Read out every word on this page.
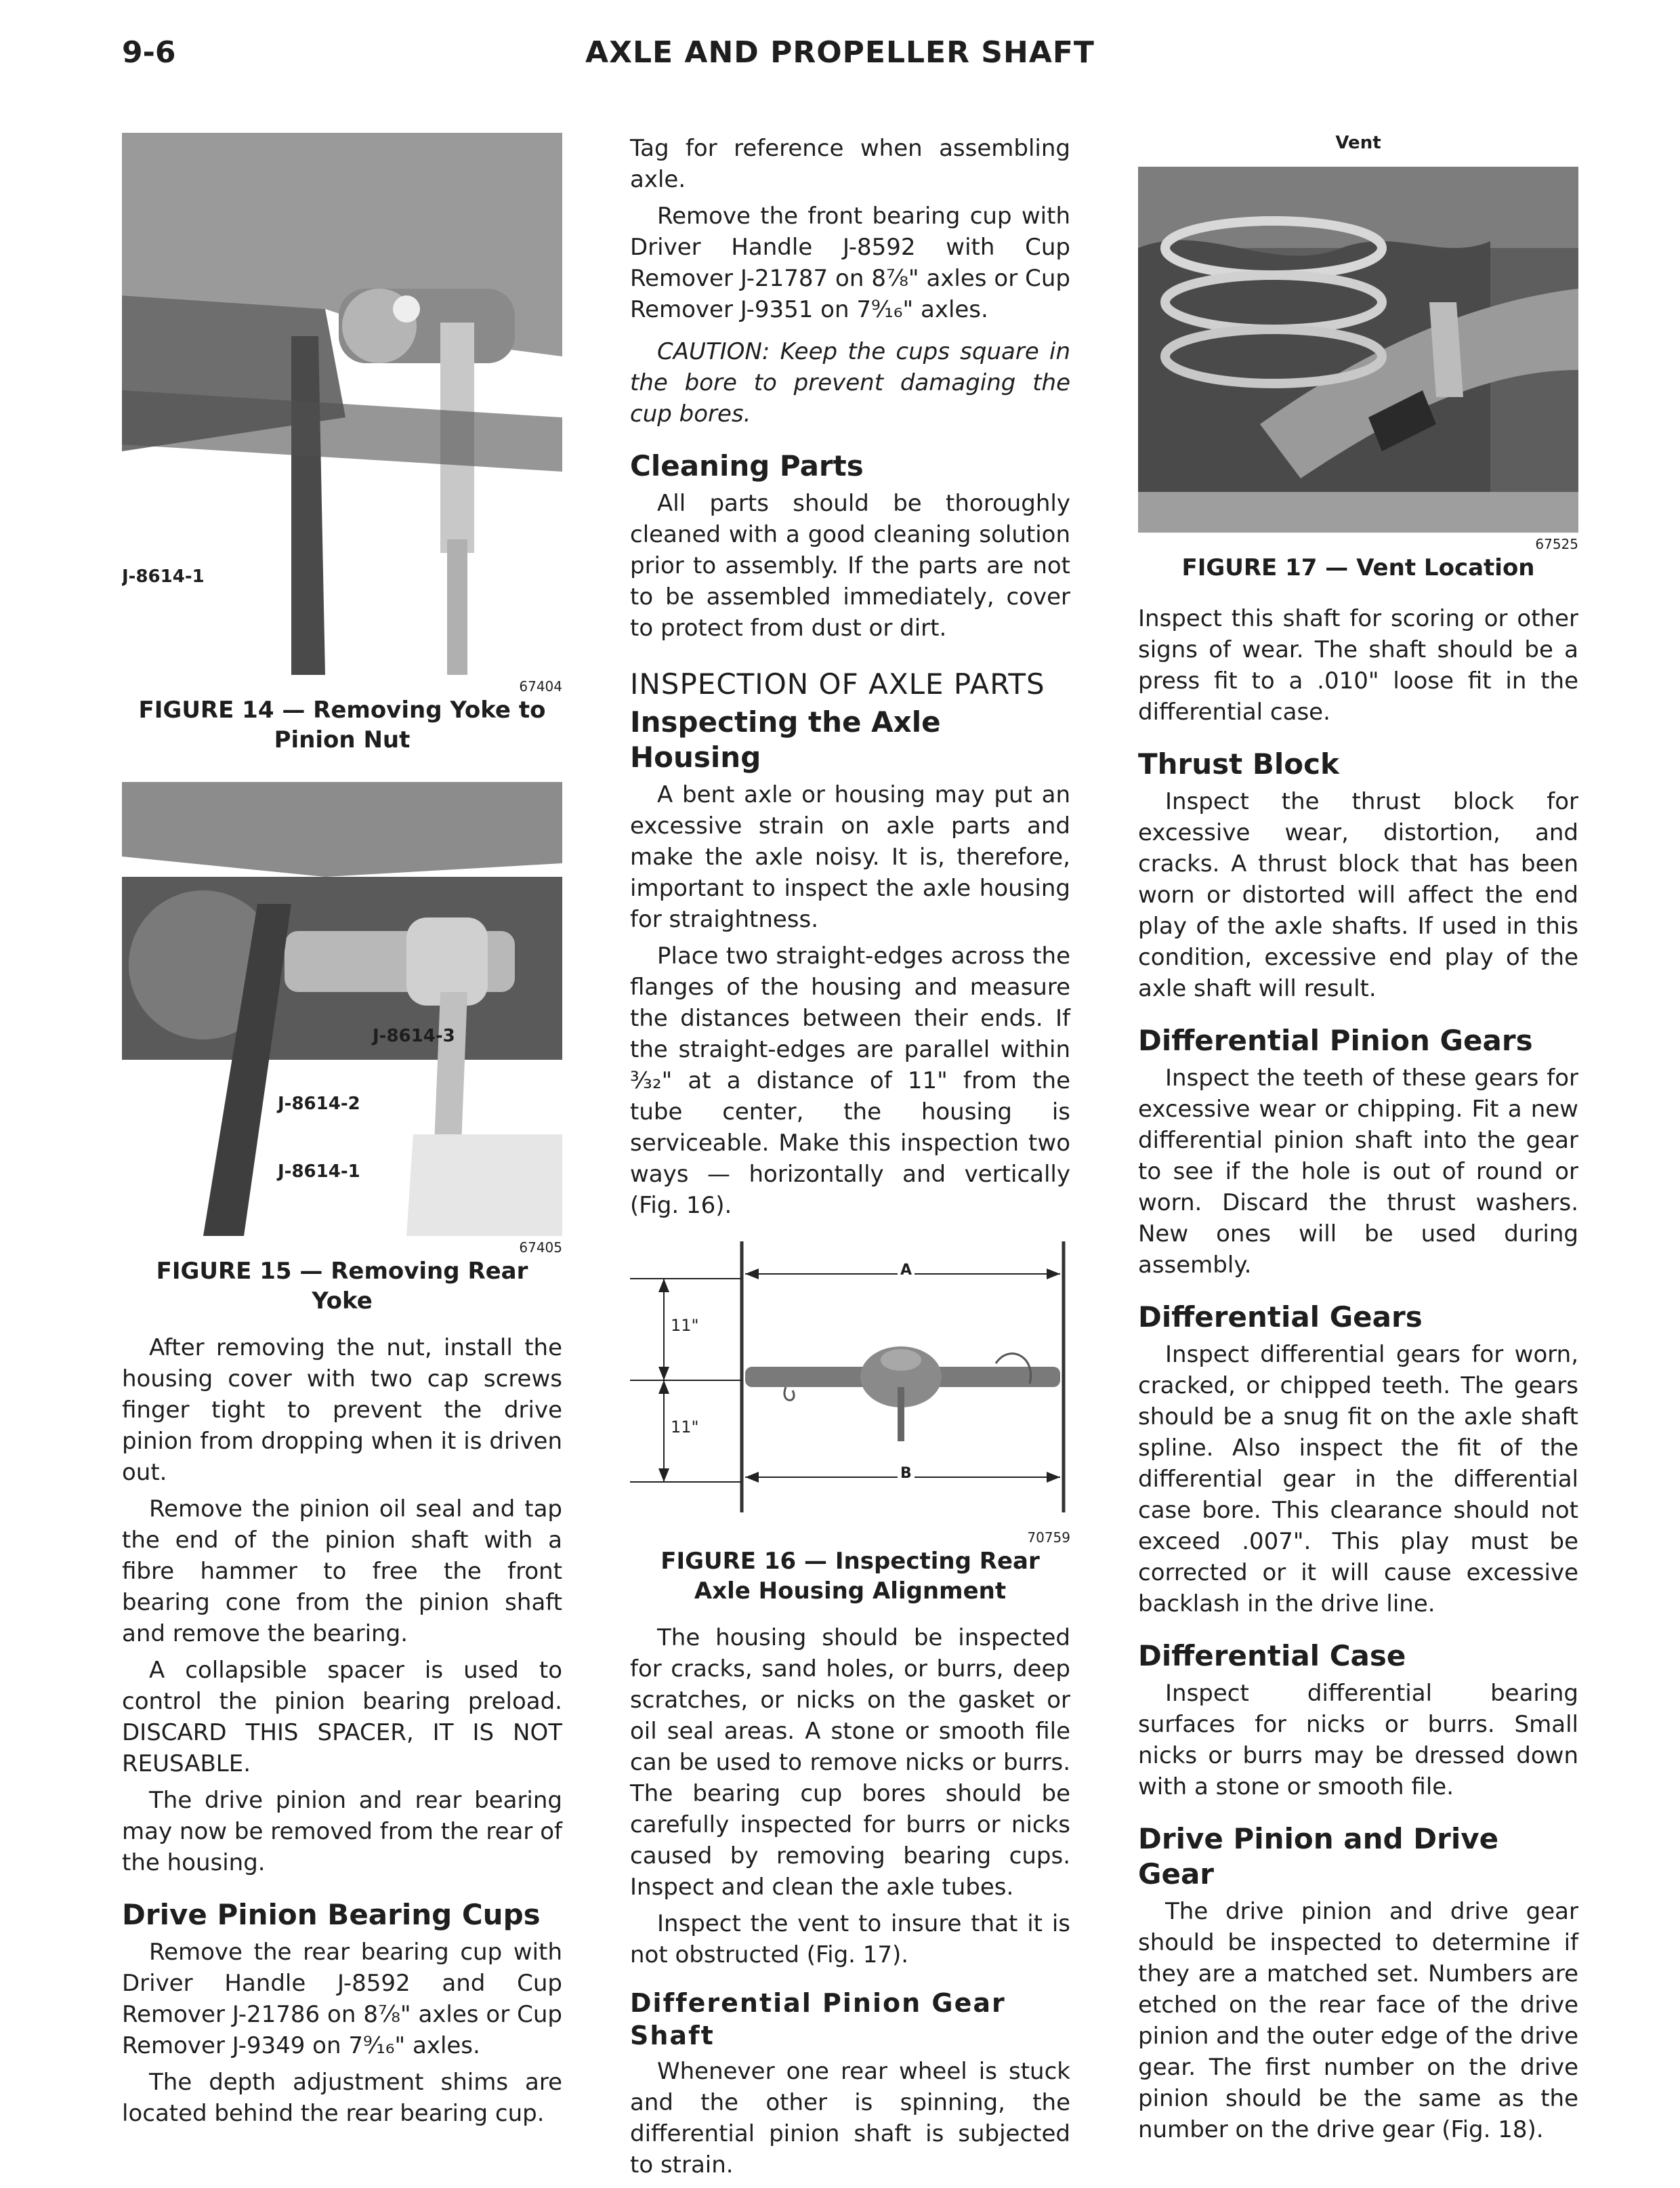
9-6	AXLE AND PROPELLER SHAFT
J-8614-1
67404
FIGURE 14 — Removing Yoke to Pinion Nut
J-8614-3
J-8614-2
J-8614-1
67405
FIGURE 15 — Removing Rear Yoke

After removing the nut, install the housing cover with two cap screws finger tight to prevent the drive pinion from dropping when it is driven out.

Remove the pinion oil seal and tap the end of the pinion shaft with a fibre hammer to free the front bearing cone from the pinion shaft and remove the bearing.

A collapsible spacer is used to control the pinion bearing preload. DISCARD THIS SPACER, IT IS NOT REUSABLE.

The drive pinion and rear bearing may now be removed from the rear of the housing.

Drive Pinion Bearing Cups

Remove the rear bearing cup with Driver Handle J-8592 and Cup Remover J-21786 on 8⅞" axles or Cup Remover J-9349 on 7⁹⁄₁₆" axles.

The depth adjustment shims are located behind the rear bearing cup.

Tag for reference when assembling axle.

Remove the front bearing cup with Driver Handle J-8592 with Cup Remover J-21787 on 8⅞" axles or Cup Remover J-9351 on 7⁹⁄₁₆" axles.

CAUTION: Keep the cups square in the bore to prevent damaging the cup bores.

Cleaning Parts

All parts should be thoroughly cleaned with a good cleaning solution prior to assembly. If the parts are not to be assembled immediately, cover to protect from dust or dirt.

INSPECTION OF AXLE PARTS
Inspecting the Axle Housing

A bent axle or housing may put an excessive strain on axle parts and make the axle noisy. It is, therefore, important to inspect the axle housing for straightness.

Place two straight-edges across the flanges of the housing and measure the distances between their ends. If the straight-edges are parallel within ³⁄₃₂" at a distance of 11" from the tube center, the housing is serviceable. Make this inspection two ways — horizontally and vertically (Fig. 16).

A
B
11"
11"
70759
FIGURE 16 — Inspecting Rear Axle Housing Alignment

The housing should be inspected for cracks, sand holes, or burrs, deep scratches, or nicks on the gasket or oil seal areas. A stone or smooth file can be used to remove nicks or burrs. The bearing cup bores should be carefully inspected for burrs or nicks caused by removing bearing cups. Inspect and clean the axle tubes.

Inspect the vent to insure that it is not obstructed (Fig. 17).

Differential Pinion Gear Shaft

Whenever one rear wheel is stuck and the other is spinning, the differential pinion shaft is subjected to strain.

Vent
67525
FIGURE 17 — Vent Location

Inspect this shaft for scoring or other signs of wear. The shaft should be a press fit to a .010" loose fit in the differential case.

Thrust Block

Inspect the thrust block for excessive wear, distortion, and cracks. A thrust block that has been worn or distorted will affect the end play of the axle shafts. If used in this condition, excessive end play of the axle shaft will result.

Differential Pinion Gears

Inspect the teeth of these gears for excessive wear or chipping. Fit a new differential pinion shaft into the gear to see if the hole is out of round or worn. Discard the thrust washers. New ones will be used during assembly.

Differential Gears

Inspect differential gears for worn, cracked, or chipped teeth. The gears should be a snug fit on the axle shaft spline. Also inspect the fit of the differential gear in the differential case bore. This clearance should not exceed .007". This play must be corrected or it will cause excessive backlash in the drive line.

Differential Case

Inspect differential bearing surfaces for nicks or burrs. Small nicks or burrs may be dressed down with a stone or smooth file.

Drive Pinion and Drive Gear

The drive pinion and drive gear should be inspected to determine if they are a matched set. Numbers are etched on the rear face of the drive pinion and the outer edge of the drive gear. The first number on the drive pinion should be the same as the number on the drive gear (Fig. 18).
